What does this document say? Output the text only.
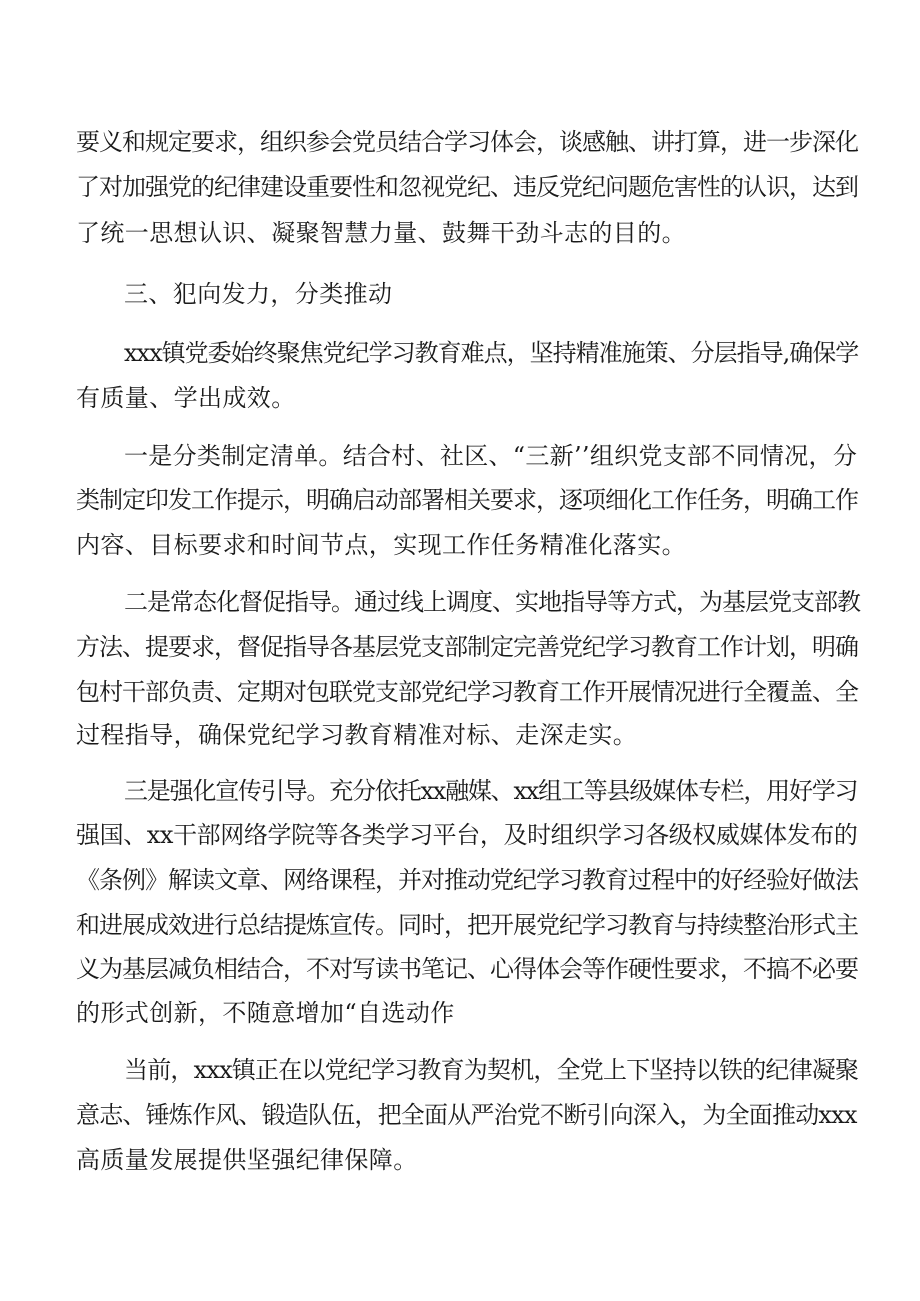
要义和规定要求，组织参会党员结合学习体会，谈感触、讲打算，进一步深化

了对加强党的纪律建设重要性和忽视党纪、违反党纪问题危害性的认识，达到

了统一思想认识、凝聚智慧力量、鼓舞干劲斗志的目的。

三、犯向发力，分类推动

xxx镇党委始终聚焦党纪学习教育难点，坚持精准施策、分层指导,确保学

有质量、学出成效。

一是分类制定清单。结合村、社区、“三新’’组织党支部不同情况，分

类制定印发工作提示，明确启动部署相关要求，逐项细化工作任务，明确工作

内容、目标要求和时间节点，实现工作任务精准化落实。

二是常态化督促指导。通过线上调度、实地指导等方式，为基层党支部教

方法、提要求，督促指导各基层党支部制定完善党纪学习教育工作计划，明确

包村干部负责、定期对包联党支部党纪学习教育工作开展情况进行全覆盖、全

过程指导，确保党纪学习教育精准对标、走深走实。

三是强化宣传引导。充分依托xx融媒、xx组工等县级媒体专栏，用好学习

强国、xx干部网络学院等各类学习平台，及时组织学习各级权威媒体发布的

《条例》解读文章、网络课程，并对推动党纪学习教育过程中的好经验好做法

和进展成效进行总结提炼宣传。同时，把开展党纪学习教育与持续整治形式主

义为基层减负相结合，不对写读书笔记、心得体会等作硬性要求，不搞不必要

的形式创新，不随意增加“自选动作

当前，xxx镇正在以党纪学习教育为契机，全党上下坚持以铁的纪律凝聚

意志、锤炼作风、锻造队伍，把全面从严治党不断引向深入，为全面推动xxx

高质量发展提供坚强纪律保障。
